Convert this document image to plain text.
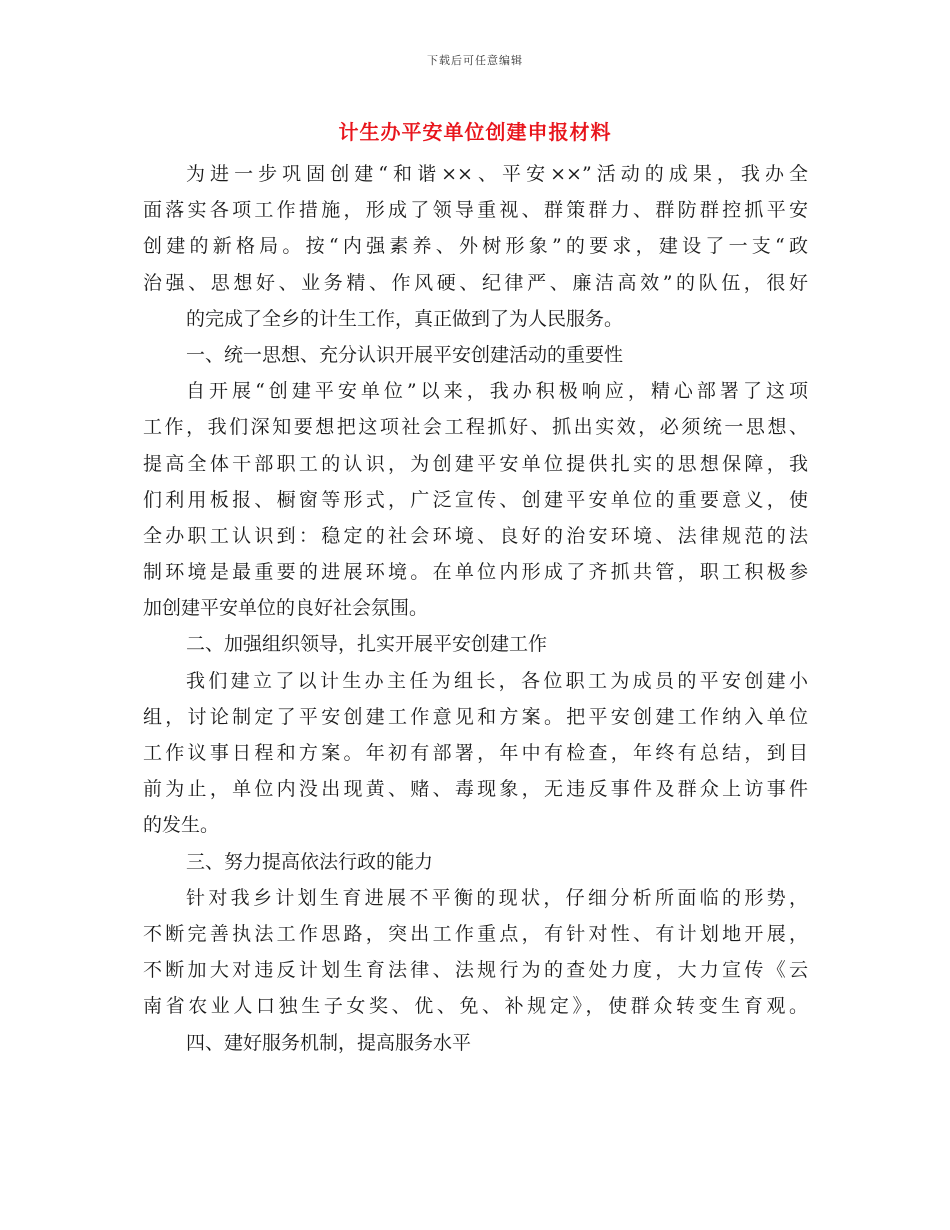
下载后可任意编辑
计生办平安单位创建申报材料
为进一步巩固创建“和谐××、平安××”活动的成果，我办全
面落实各项工作措施，形成了领导重视、群策群力、群防群控抓平安
创建的新格局。按“内强素养、外树形象”的要求，建设了一支“政
治强、思想好、业务精、作风硬、纪律严、廉洁高效”的队伍，很好
的完成了全乡的计生工作，真正做到了为人民服务。
一、统一思想、充分认识开展平安创建活动的重要性
自开展“创建平安单位”以来，我办积极响应，精心部署了这项
工作，我们深知要想把这项社会工程抓好、抓出实效，必须统一思想、
提高全体干部职工的认识，为创建平安单位提供扎实的思想保障，我
们利用板报、橱窗等形式，广泛宣传、创建平安单位的重要意义，使
全办职工认识到：稳定的社会环境、良好的治安环境、法律规范的法
制环境是最重要的进展环境。在单位内形成了齐抓共管，职工积极参
加创建平安单位的良好社会氛围。
二、加强组织领导，扎实开展平安创建工作
我们建立了以计生办主任为组长，各位职工为成员的平安创建小
组，讨论制定了平安创建工作意见和方案。把平安创建工作纳入单位
工作议事日程和方案。年初有部署，年中有检查，年终有总结，到目
前为止，单位内没出现黄、赌、毒现象，无违反事件及群众上访事件
的发生。
三、努力提高依法行政的能力
针对我乡计划生育进展不平衡的现状，仔细分析所面临的形势，
不断完善执法工作思路，突出工作重点，有针对性、有计划地开展，
不断加大对违反计划生育法律、法规行为的查处力度，大力宣传《云
南省农业人口独生子女奖、优、免、补规定》，使群众转变生育观。
四、建好服务机制，提高服务水平
